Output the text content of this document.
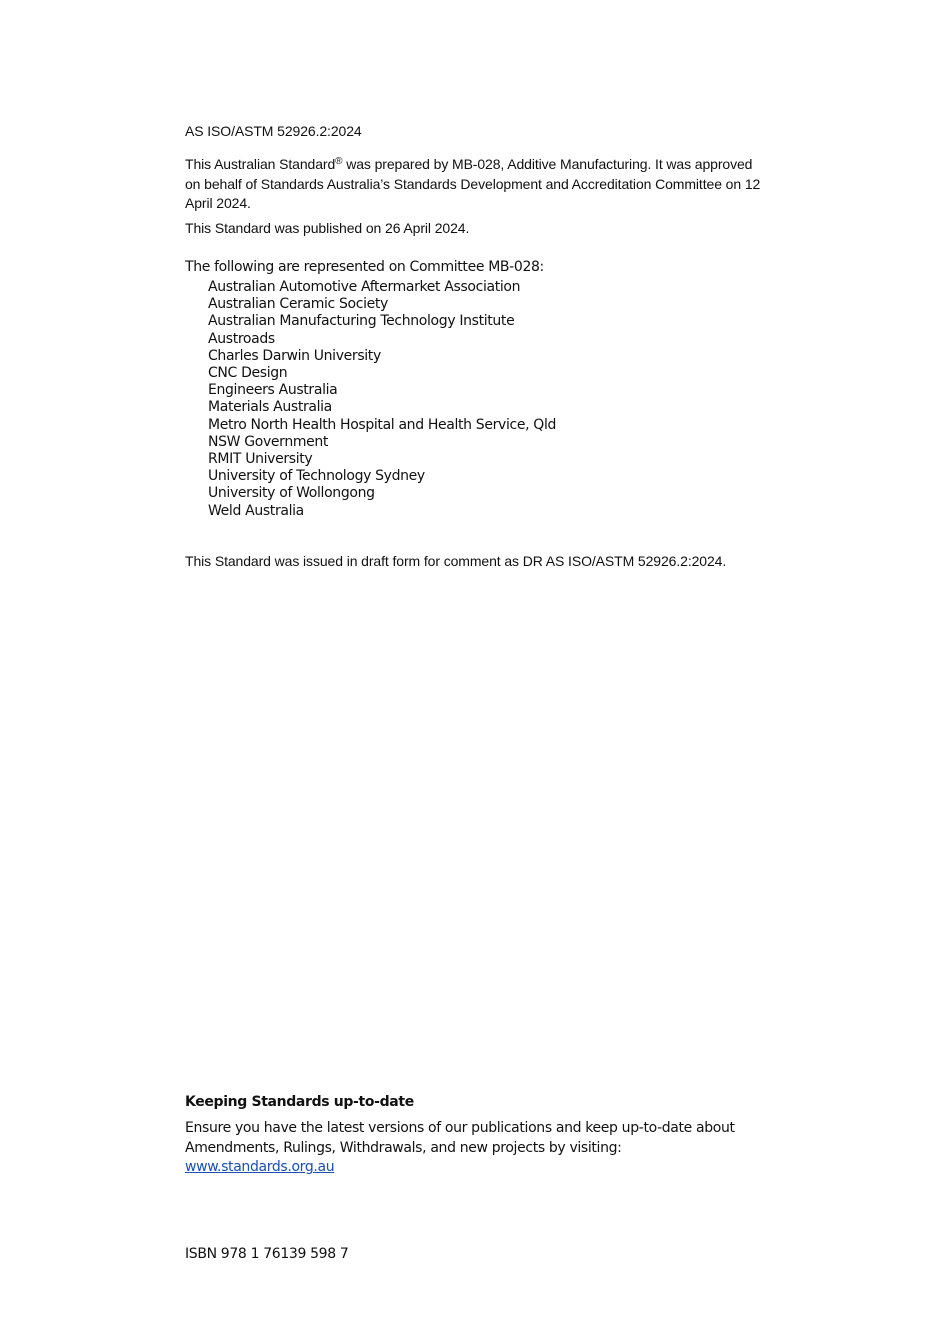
AS ISO/ASTM 52926.2:2024

This Australian Standard® was prepared by MB-028, Additive Manufacturing. It was approved on behalf of Standards Australia’s Standards Development and Accreditation Committee on 12 April 2024.

This Standard was published on 26 April 2024.

The following are represented on Committee MB-028:

Australian Automotive Aftermarket Association
Australian Ceramic Society
Australian Manufacturing Technology Institute
Austroads
Charles Darwin University
CNC Design
Engineers Australia
Materials Australia
Metro North Health Hospital and Health Service, Qld
NSW Government
RMIT University
University of Technology Sydney
University of Wollongong
Weld Australia

This Standard was issued in draft form for comment as DR AS ISO/ASTM 52926.2:2024.

Keeping Standards up-to-date

Ensure you have the latest versions of our publications and keep up-to-date about Amendments, Rulings, Withdrawals, and new projects by visiting:
www.standards.org.au

ISBN 978 1 76139 598 7
